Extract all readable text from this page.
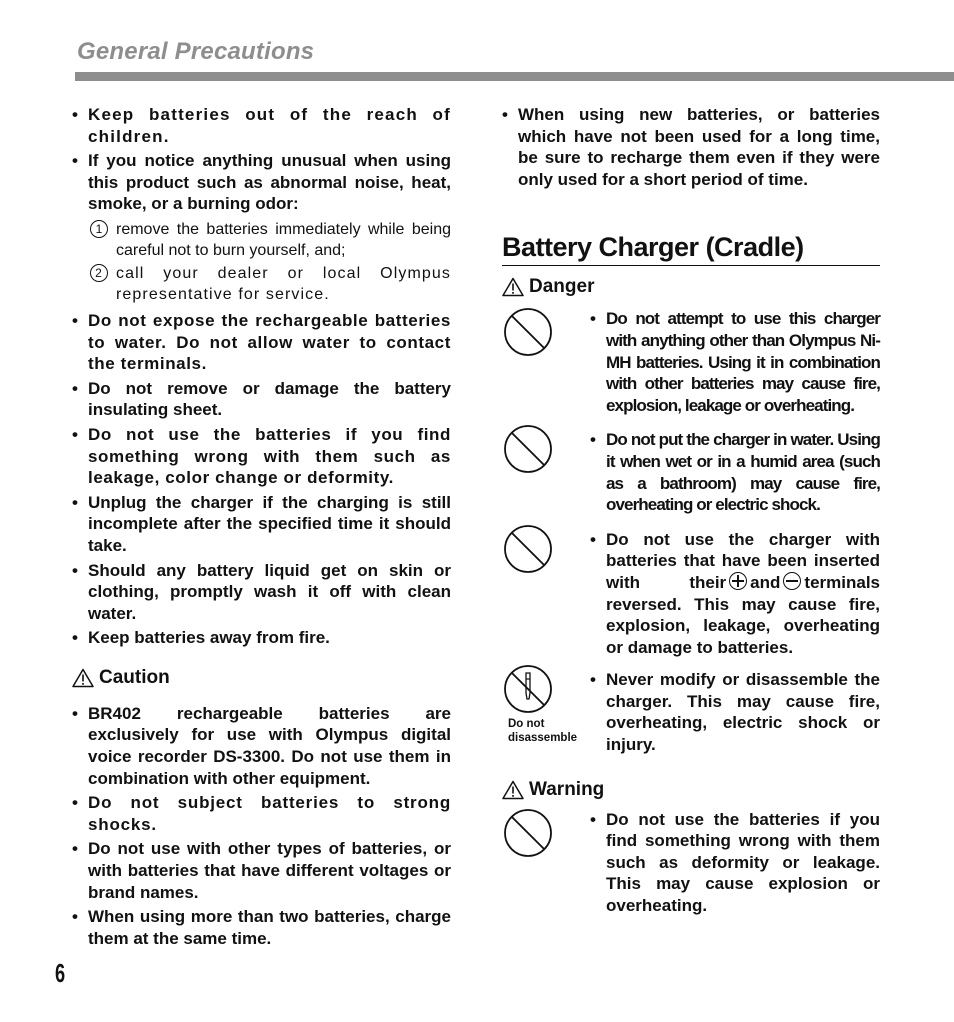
General Precautions
• Keep batteries out of the reach of children.
• If you notice anything unusual when using this product such as abnormal noise, heat, smoke, or a burning odor:
1 remove the batteries immediately while being careful not to burn yourself, and;
2 call your dealer or local Olympus representative for service.
• Do not expose the rechargeable batteries to water. Do not allow water to contact the terminals.
• Do not remove or damage the battery insulating sheet.
• Do not use the batteries if you find something wrong with them such as leakage, color change or deformity.
• Unplug the charger if the charging is still incomplete after the specified time it should take.
• Should any battery liquid get on skin or clothing, promptly wash it off with clean water.
• Keep batteries away from fire.
Caution
• BR402 rechargeable batteries are exclusively for use with Olympus digital voice recorder DS-3300. Do not use them in combination with other equipment.
• Do not subject batteries to strong shocks.
• Do not use with other types of batteries, or with batteries that have different voltages or brand names.
• When using more than two batteries, charge them at the same time.
• When using new batteries, or batteries which have not been used for a long time, be sure to recharge them even if they were only used for a short period of time.
Battery Charger (Cradle)
Danger
• Do not attempt to use this charger with anything other than Olympus Ni-MH batteries. Using it in combination with other batteries may cause fire, explosion, leakage or overheating.
• Do not put the charger in water. Using it when wet or in a humid area (such as a bathroom) may cause fire, overheating or electric shock.
• Do not use the charger with batteries that have been inserted with their and terminals reversed. This may cause fire, explosion, leakage, overheating or damage to batteries.
Do not
disassemble
• Never modify or disassemble the charger. This may cause fire, overheating, electric shock or injury.
Warning
• Do not use the batteries if you find something wrong with them such as deformity or leakage. This may cause explosion or overheating.
6
